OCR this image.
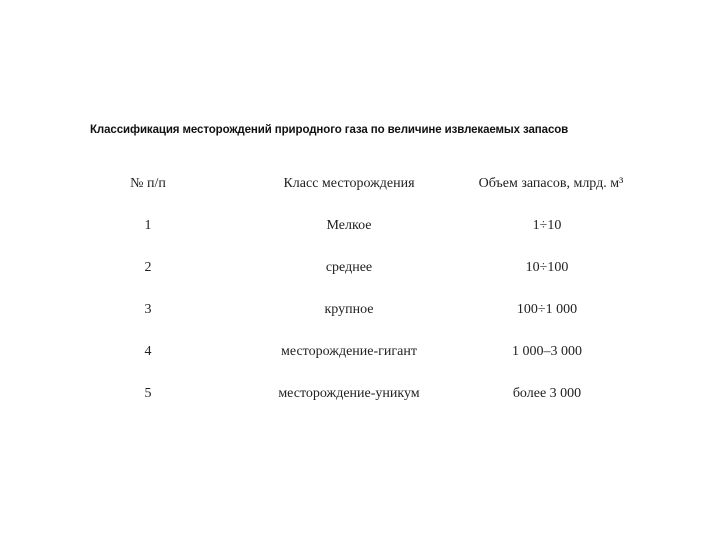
Классификация месторождений природного газа по величине извлекаемых запасов
№ п/п	Класс месторождения	Объем запасов, млрд. м³
1	Мелкое	1÷10
2	среднее	10÷100
3	крупное	100÷1 000
4	месторождение-гигант	1 000–3 000
5	месторождение-уникум	более 3 000
